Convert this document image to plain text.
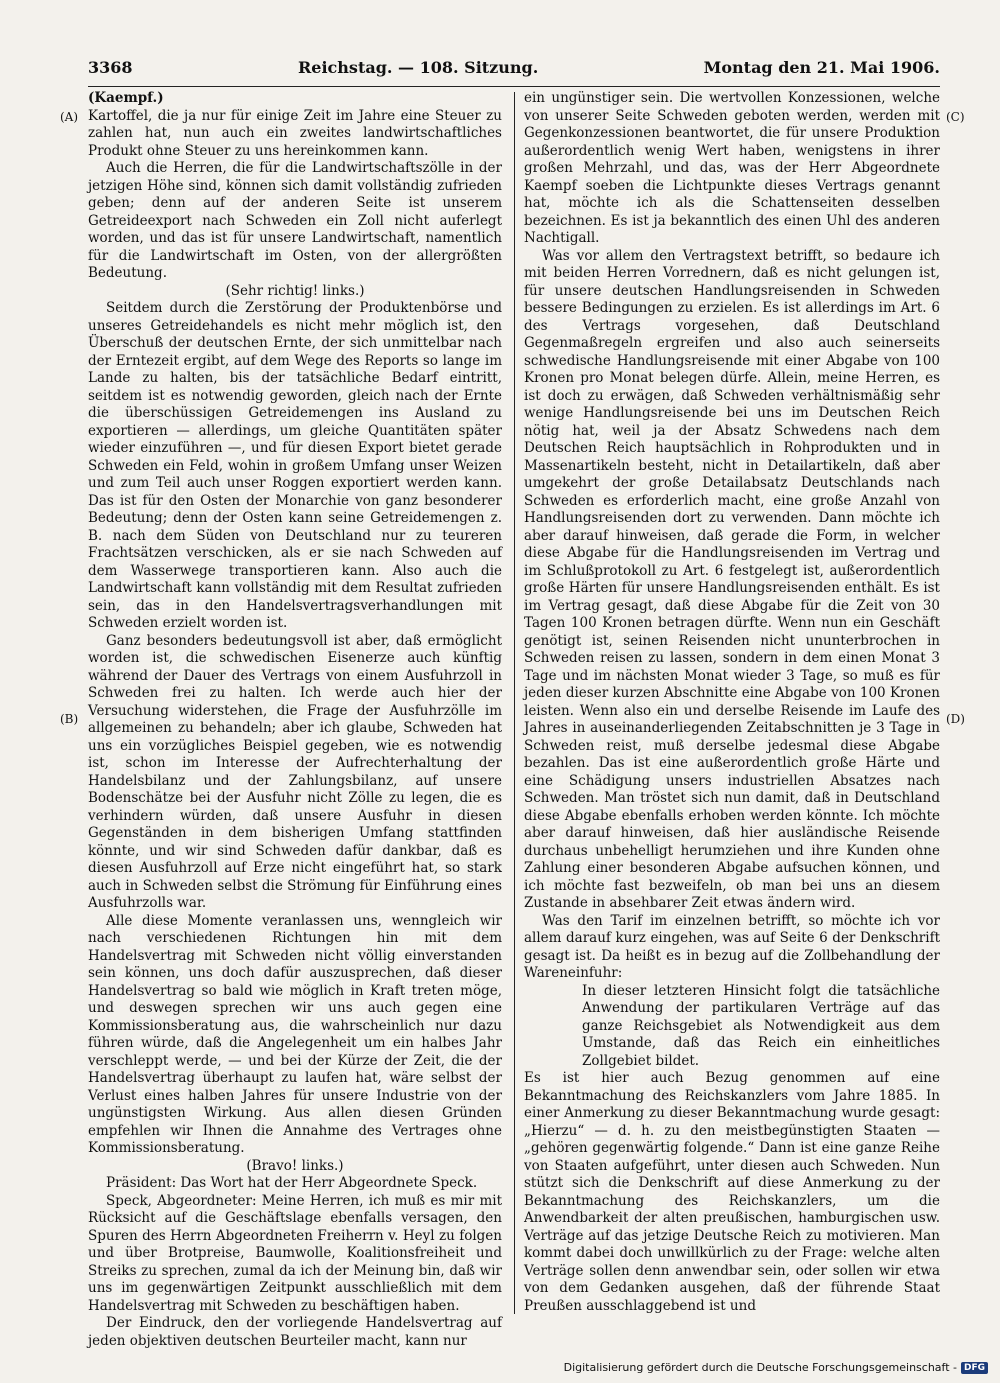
3368	Reichstag. — 108. Sitzung.	Montag den 21. Mai 1906.
(A)
(B)
(C)
(D)

(Kaempf.)

Kartoffel, die ja nur für einige Zeit im Jahre eine Steuer zu zahlen hat, nun auch ein zweites landwirtschaftliches Produkt ohne Steuer zu uns hereinkommen kann.

Auch die Herren, die für die Landwirtschaftszölle in der jetzigen Höhe sind, können sich damit vollständig zufrieden geben; denn auf der anderen Seite ist unserem Getreideexport nach Schweden ein Zoll nicht auferlegt worden, und das ist für unsere Landwirtschaft, namentlich für die Landwirtschaft im Osten, von der allergrößten Bedeutung.

(Sehr richtig! links.)

Seitdem durch die Zerstörung der Produktenbörse und unseres Getreidehandels es nicht mehr möglich ist, den Überschuß der deutschen Ernte, der sich unmittelbar nach der Erntezeit ergibt, auf dem Wege des Reports so lange im Lande zu halten, bis der tatsächliche Bedarf eintritt, seitdem ist es notwendig geworden, gleich nach der Ernte die überschüssigen Getreidemengen ins Ausland zu exportieren — allerdings, um gleiche Quantitäten später wieder einzuführen —, und für diesen Export bietet gerade Schweden ein Feld, wohin in großem Umfang unser Weizen und zum Teil auch unser Roggen exportiert werden kann. Das ist für den Osten der Monarchie von ganz besonderer Bedeutung; denn der Osten kann seine Getreidemengen z. B. nach dem Süden von Deutschland nur zu teureren Frachtsätzen verschicken, als er sie nach Schweden auf dem Wasserwege transportieren kann. Also auch die Landwirtschaft kann vollständig mit dem Resultat zufrieden sein, das in den Handelsvertragsverhandlungen mit Schweden erzielt worden ist.

Ganz besonders bedeutungsvoll ist aber, daß ermöglicht worden ist, die schwedischen Eisenerze auch künftig während der Dauer des Vertrags von einem Ausfuhrzoll in Schweden frei zu halten. Ich werde auch hier der Versuchung widerstehen, die Frage der Ausfuhrzölle im allgemeinen zu behandeln; aber ich glaube, Schweden hat uns ein vorzügliches Beispiel gegeben, wie es notwendig ist, schon im Interesse der Aufrechterhaltung der Handelsbilanz und der Zahlungsbilanz, auf unsere Bodenschätze bei der Ausfuhr nicht Zölle zu legen, die es verhindern würden, daß unsere Ausfuhr in diesen Gegenständen in dem bisherigen Umfang stattfinden könnte, und wir sind Schweden dafür dankbar, daß es diesen Ausfuhrzoll auf Erze nicht eingeführt hat, so stark auch in Schweden selbst die Strömung für Einführung eines Ausfuhrzolls war.

Alle diese Momente veranlassen uns, wenngleich wir nach verschiedenen Richtungen hin mit dem Handelsvertrag mit Schweden nicht völlig einverstanden sein können, uns doch dafür auszusprechen, daß dieser Handelsvertrag so bald wie möglich in Kraft treten möge, und deswegen sprechen wir uns auch gegen eine Kommissionsberatung aus, die wahrscheinlich nur dazu führen würde, daß die Angelegenheit um ein halbes Jahr verschleppt werde, — und bei der Kürze der Zeit, die der Handelsvertrag überhaupt zu laufen hat, wäre selbst der Verlust eines halben Jahres für unsere Industrie von der ungünstigsten Wirkung. Aus allen diesen Gründen empfehlen wir Ihnen die Annahme des Vertrages ohne Kommissionsberatung.

(Bravo! links.)

Präsident: Das Wort hat der Herr Abgeordnete Speck.

Speck, Abgeordneter: Meine Herren, ich muß es mir mit Rücksicht auf die Geschäftslage ebenfalls versagen, den Spuren des Herrn Abgeordneten Freiherrn v. Heyl zu folgen und über Brotpreise, Baumwolle, Koalitionsfreiheit und Streiks zu sprechen, zumal da ich der Meinung bin, daß wir uns im gegenwärtigen Zeitpunkt ausschließlich mit dem Handelsvertrag mit Schweden zu beschäftigen haben.

Der Eindruck, den der vorliegende Handelsvertrag auf jeden objektiven deutschen Beurteiler macht, kann nur

ein ungünstiger sein. Die wertvollen Konzessionen, welche von unserer Seite Schweden geboten werden, werden mit Gegenkonzessionen beantwortet, die für unsere Produktion außerordentlich wenig Wert haben, wenigstens in ihrer großen Mehrzahl, und das, was der Herr Abgeordnete Kaempf soeben die Lichtpunkte dieses Vertrags genannt hat, möchte ich als die Schattenseiten desselben bezeichnen. Es ist ja bekanntlich des einen Uhl des anderen Nachtigall.

Was vor allem den Vertragstext betrifft, so bedaure ich mit beiden Herren Vorrednern, daß es nicht gelungen ist, für unsere deutschen Handlungsreisenden in Schweden bessere Bedingungen zu erzielen. Es ist allerdings im Art. 6 des Vertrags vorgesehen, daß Deutschland Gegenmaßregeln ergreifen und also auch seinerseits schwedische Handlungsreisende mit einer Abgabe von 100 Kronen pro Monat belegen dürfe. Allein, meine Herren, es ist doch zu erwägen, daß Schweden verhältnismäßig sehr wenige Handlungsreisende bei uns im Deutschen Reich nötig hat, weil ja der Absatz Schwedens nach dem Deutschen Reich hauptsächlich in Rohprodukten und in Massenartikeln besteht, nicht in Detailartikeln, daß aber umgekehrt der große Detailabsatz Deutschlands nach Schweden es erforderlich macht, eine große Anzahl von Handlungsreisenden dort zu verwenden. Dann möchte ich aber darauf hinweisen, daß gerade die Form, in welcher diese Abgabe für die Handlungsreisenden im Vertrag und im Schlußprotokoll zu Art. 6 festgelegt ist, außerordentlich große Härten für unsere Handlungsreisenden enthält. Es ist im Vertrag gesagt, daß diese Abgabe für die Zeit von 30 Tagen 100 Kronen betragen dürfte. Wenn nun ein Geschäft genötigt ist, seinen Reisenden nicht ununterbrochen in Schweden reisen zu lassen, sondern in dem einen Monat 3 Tage und im nächsten Monat wieder 3 Tage, so muß es für jeden dieser kurzen Abschnitte eine Abgabe von 100 Kronen leisten. Wenn also ein und derselbe Reisende im Laufe des Jahres in auseinanderliegenden Zeitabschnitten je 3 Tage in Schweden reist, muß derselbe jedesmal diese Abgabe bezahlen. Das ist eine außerordentlich große Härte und eine Schädigung unsers industriellen Absatzes nach Schweden. Man tröstet sich nun damit, daß in Deutschland diese Abgabe ebenfalls erhoben werden könnte. Ich möchte aber darauf hinweisen, daß hier ausländische Reisende durchaus unbehelligt herumziehen und ihre Kunden ohne Zahlung einer besonderen Abgabe aufsuchen können, und ich möchte fast bezweifeln, ob man bei uns an diesem Zustande in absehbarer Zeit etwas ändern wird.

Was den Tarif im einzelnen betrifft, so möchte ich vor allem darauf kurz eingehen, was auf Seite 6 der Denkschrift gesagt ist. Da heißt es in bezug auf die Zollbehandlung der Wareneinfuhr:

In dieser letzteren Hinsicht folgt die tatsächliche Anwendung der partikularen Verträge auf das ganze Reichsgebiet als Notwendigkeit aus dem Umstande, daß das Reich ein einheitliches Zollgebiet bildet.

Es ist hier auch Bezug genommen auf eine Bekanntmachung des Reichskanzlers vom Jahre 1885. In einer Anmerkung zu dieser Bekanntmachung wurde gesagt: „Hierzu“ — d. h. zu den meistbegünstigten Staaten — „gehören gegenwärtig folgende.“ Dann ist eine ganze Reihe von Staaten aufgeführt, unter diesen auch Schweden. Nun stützt sich die Denkschrift auf diese Anmerkung zu der Bekanntmachung des Reichskanzlers, um die Anwendbarkeit der alten preußischen, hamburgischen usw. Verträge auf das jetzige Deutsche Reich zu motivieren. Man kommt dabei doch unwillkürlich zu der Frage: welche alten Verträge sollen denn anwendbar sein, oder sollen wir etwa von dem Gedanken ausgehen, daß der führende Staat Preußen ausschlaggebend ist und

Digitalisierung gefördert durch die Deutsche Forschungsgemeinschaft - DFG
